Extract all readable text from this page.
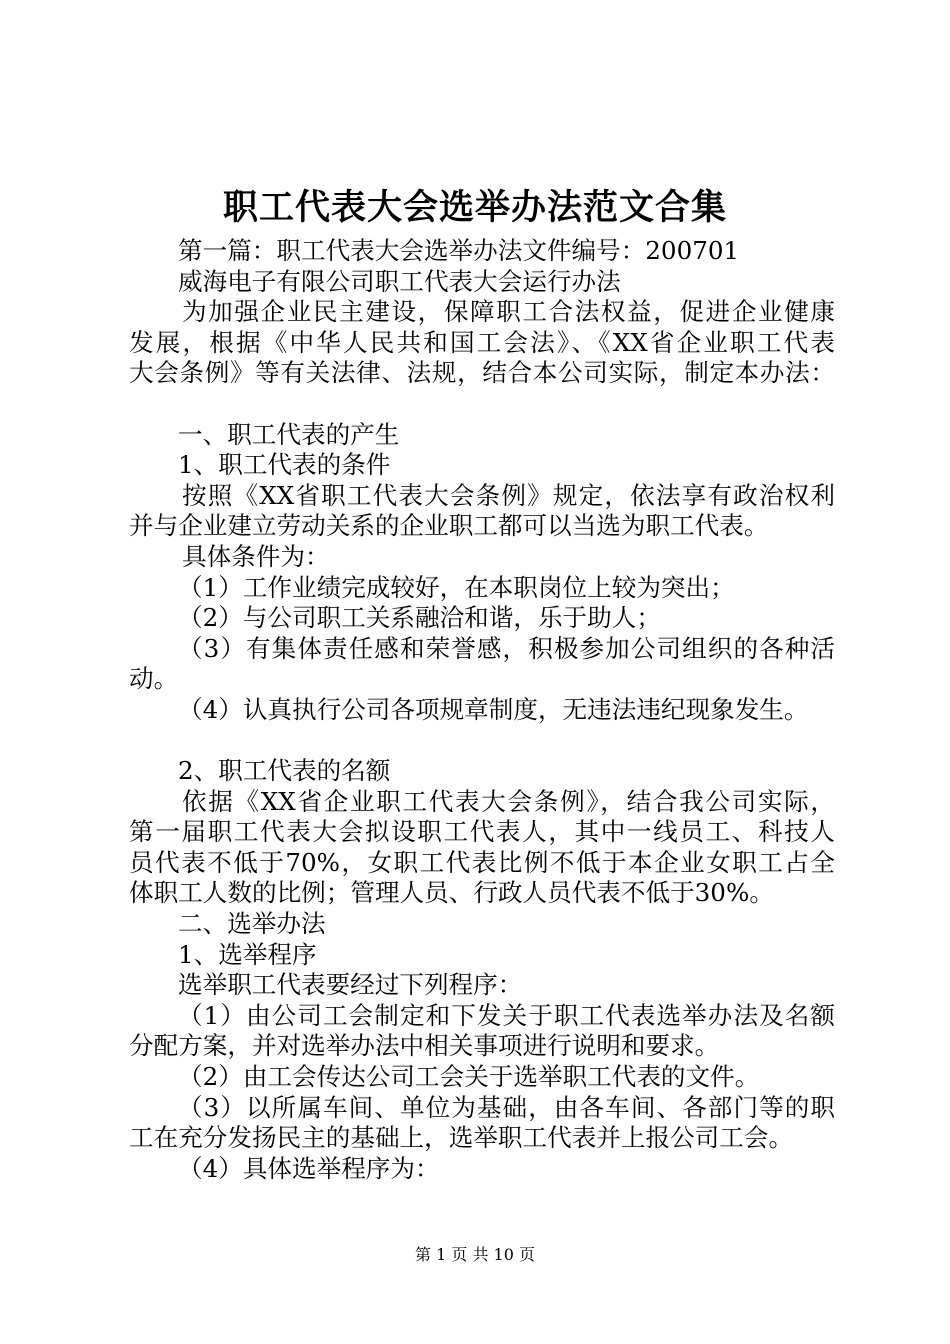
职工代表大会选举办法范文合集
第一篇：职工代表大会选举办法文件编号：200701
威海电子有限公司职工代表大会运行办法
为加强企业民主建设，保障职工合法权益，促进企业健康
发展，根据《中华人民共和国工会法》、《XX省企业职工代表
大会条例》等有关法律、法规，结合本公司实际，制定本办法：
一、职工代表的产生
1、职工代表的条件
按照《XX省职工代表大会条例》规定，依法享有政治权利
并与企业建立劳动关系的企业职工都可以当选为职工代表。
具体条件为：
（1）工作业绩完成较好，在本职岗位上较为突出；
（2）与公司职工关系融洽和谐，乐于助人；
（3）有集体责任感和荣誉感，积极参加公司组织的各种活
动。
（4）认真执行公司各项规章制度，无违法违纪现象发生。
2、职工代表的名额
依据《XX省企业职工代表大会条例》，结合我公司实际，
第一届职工代表大会拟设职工代表人，其中一线员工、科技人
员代表不低于70%，女职工代表比例不低于本企业女职工占全
体职工人数的比例；管理人员、行政人员代表不低于30%。
二、选举办法
1、选举程序
选举职工代表要经过下列程序：
（1）由公司工会制定和下发关于职工代表选举办法及名额
分配方案，并对选举办法中相关事项进行说明和要求。
（2）由工会传达公司工会关于选举职工代表的文件。
（3）以所属车间、单位为基础，由各车间、各部门等的职
工在充分发扬民主的基础上，选举职工代表并上报公司工会。
（4）具体选举程序为：
第 1 页 共 10 页
